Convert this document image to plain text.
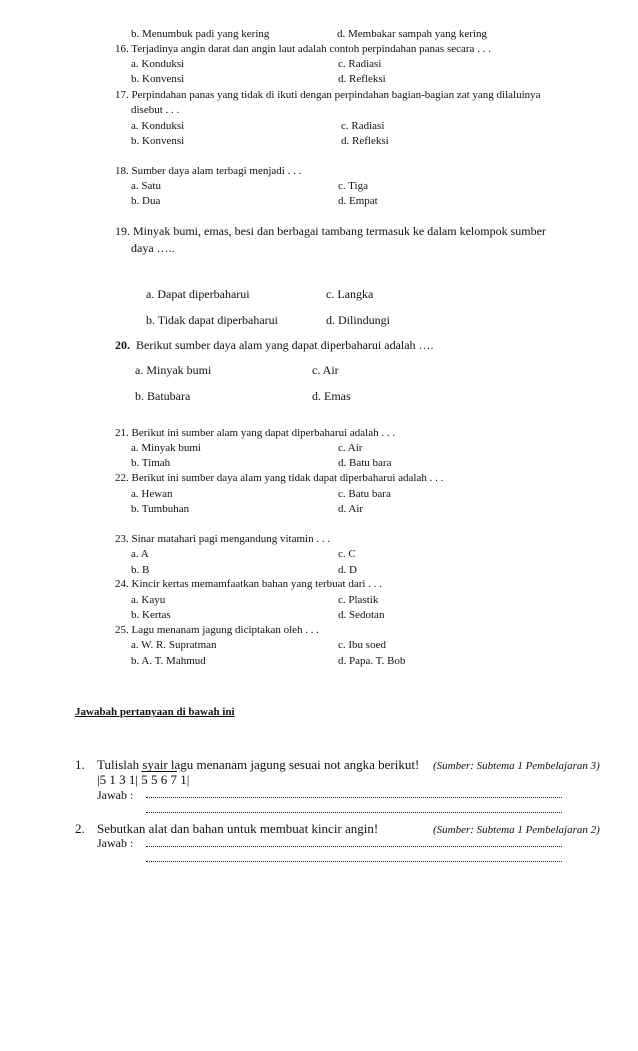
b. Menumbuk padi yang kering	d. Membakar sampah yang kering
16. Terjadinya angin darat dan angin laut adalah contoh perpindahan panas secara . . .
a. Konduksi	c. Radiasi
b. Konvensi	d. Refleksi
17. Perpindahan panas yang tidak di ikuti dengan perpindahan bagian-bagian zat yang dilaluinya
disebut . . .
a. Konduksi	c. Radiasi
b. Konvensi	d. Refleksi
18. Sumber daya alam terbagi menjadi . . .
a. Satu	c. Tiga
b. Dua	d. Empat
19. Minyak bumi, emas, besi dan berbagai tambang termasuk ke dalam kelompok sumber
daya …..
a. Dapat diperbaharui	c. Langka
b. Tidak dapat diperbaharui	d. Dilindungi
20. Berikut sumber daya alam yang dapat diperbaharui adalah ….
a. Minyak bumi	c. Air
b. Batubara	d. Emas
21. Berikut ini sumber alam yang dapat diperbaharui adalah . . .
a. Minyak bumi	c. Air
b. Timah	d. Batu bara
22. Berikut ini sumber daya alam yang tidak dapat diperbaharui adalah . . .
a. Hewan	c. Batu bara
b. Tumbuhan	d. Air
23. Sinar matahari pagi mengandung vitamin . . .
a. A	c. C
b. B	d. D
24. Kincir kertas memamfaatkan bahan yang terbuat dari . . .
a. Kayu	c. Plastik
b. Kertas	d. Sedotan
25. Lagu menanam jagung diciptakan oleh . . .
a. W. R. Supratman	c. Ibu soed
b. A. T. Mahmud	d. Papa. T. Bob
Jawabah pertanyaan di bawah ini
1. Tulislah syair lagu menanam jagung sesuai not angka berikut! (Sumber: Subtema 1 Pembelajaran 3)
|5 1 3 1| 5 5 6 7 1|
Jawab :
2. Sebutkan alat dan bahan untuk membuat kincir angin!	(Sumber: Subtema 1 Pembelajaran 2)
Jawab :
